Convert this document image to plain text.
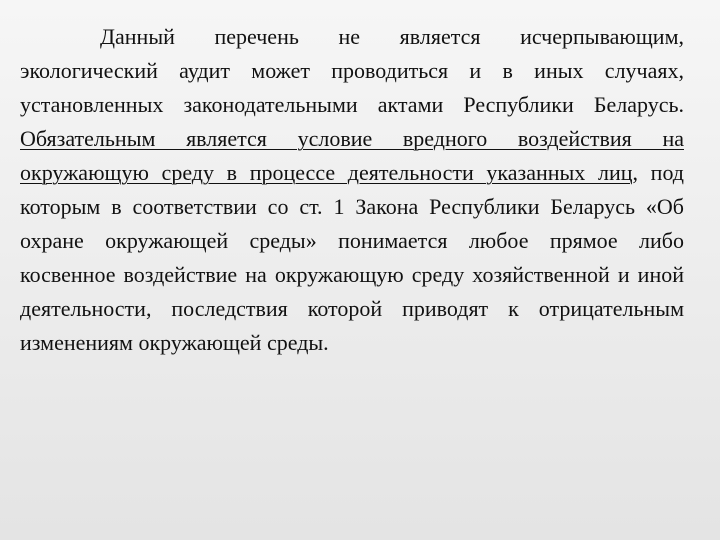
Данный перечень не является исчерпывающим, экологический аудит может проводиться и в иных случаях, установленных законодательными актами Республики Беларусь. Обязательным является условие вредного воздействия на окружающую среду в процессе деятельности указанных лиц, под которым в соответствии со ст. 1 Закона Республики Беларусь «Об охране окружающей среды» понимается любое прямое либо косвенное воздействие на окружающую среду хозяйственной и иной деятельности, последствия которой приводят к отрицательным изменениям окружающей среды.
